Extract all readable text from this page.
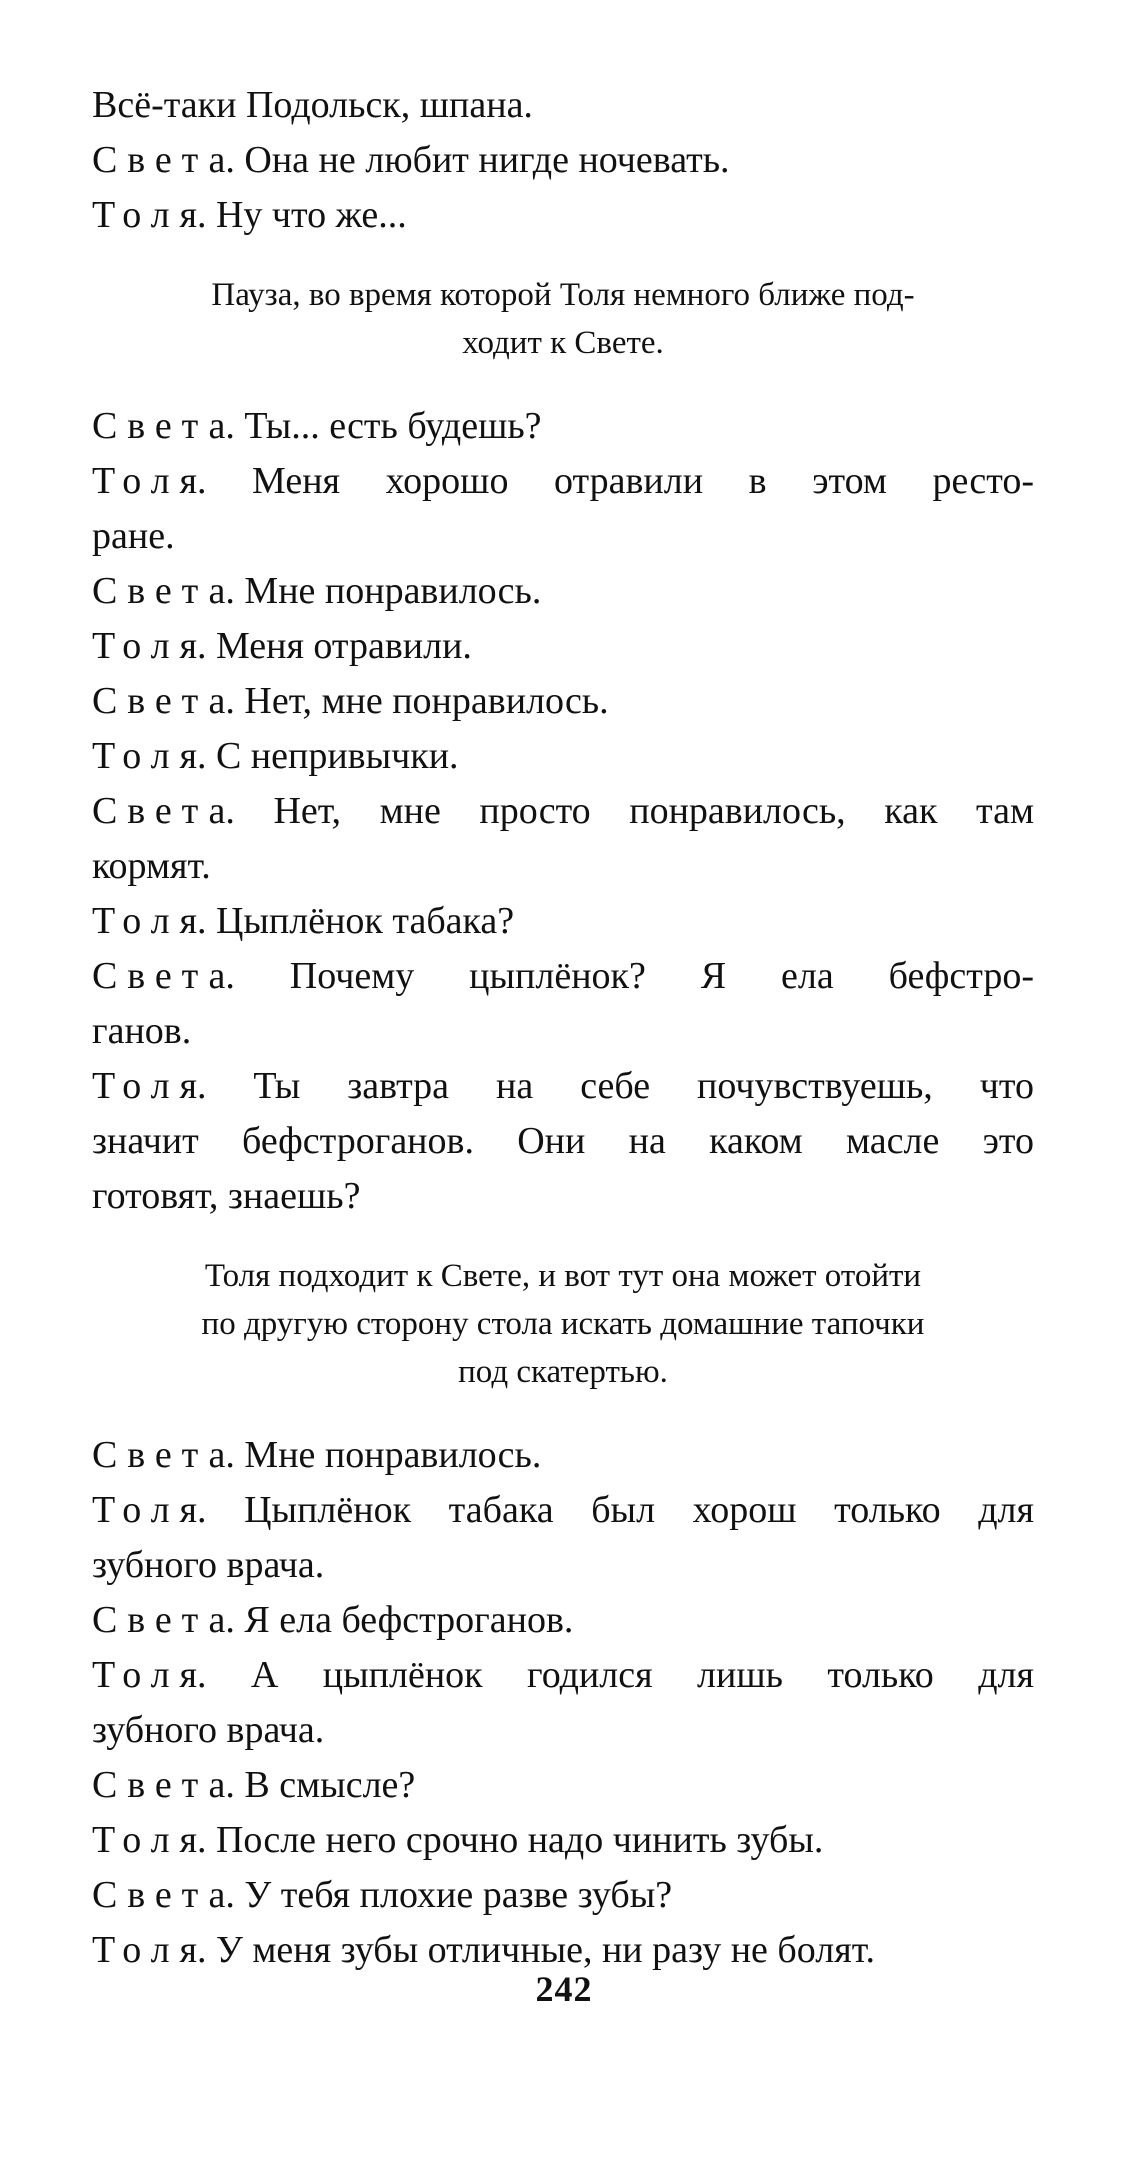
Всё-таки Подольск, шпана.

Света. Она не любит нигде ночевать.

Толя. Ну что же...

Пауза, во время которой Толя немного ближе под-

ходит к Свете.

Света. Ты... есть будешь?

Толя. Меня хорошо отравили в этом ресто-

ране.

Света. Мне понравилось.

Толя. Меня отравили.

Света. Нет, мне понравилось.

Толя. С непривычки.

Света. Нет, мне просто понравилось, как там

кормят.

Толя. Цыплёнок табака?

Света. Почему цыплёнок? Я ела бефстро-

ганов.

Толя. Ты завтра на себе почувствуешь, что

значит бефстроганов. Они на каком масле это

готовят, знаешь?

Толя подходит к Свете, и вот тут она может отойти

по другую сторону стола искать домашние тапочки

под скатертью.

Света. Мне понравилось.

Толя. Цыплёнок табака был хорош только для

зубного врача.

Света. Я ела бефстроганов.

Толя. А цыплёнок годился лишь только для

зубного врача.

Света. В смысле?

Толя. После него срочно надо чинить зубы.

Света. У тебя плохие разве зубы?

Толя. У меня зубы отличные, ни разу не болят.

242
